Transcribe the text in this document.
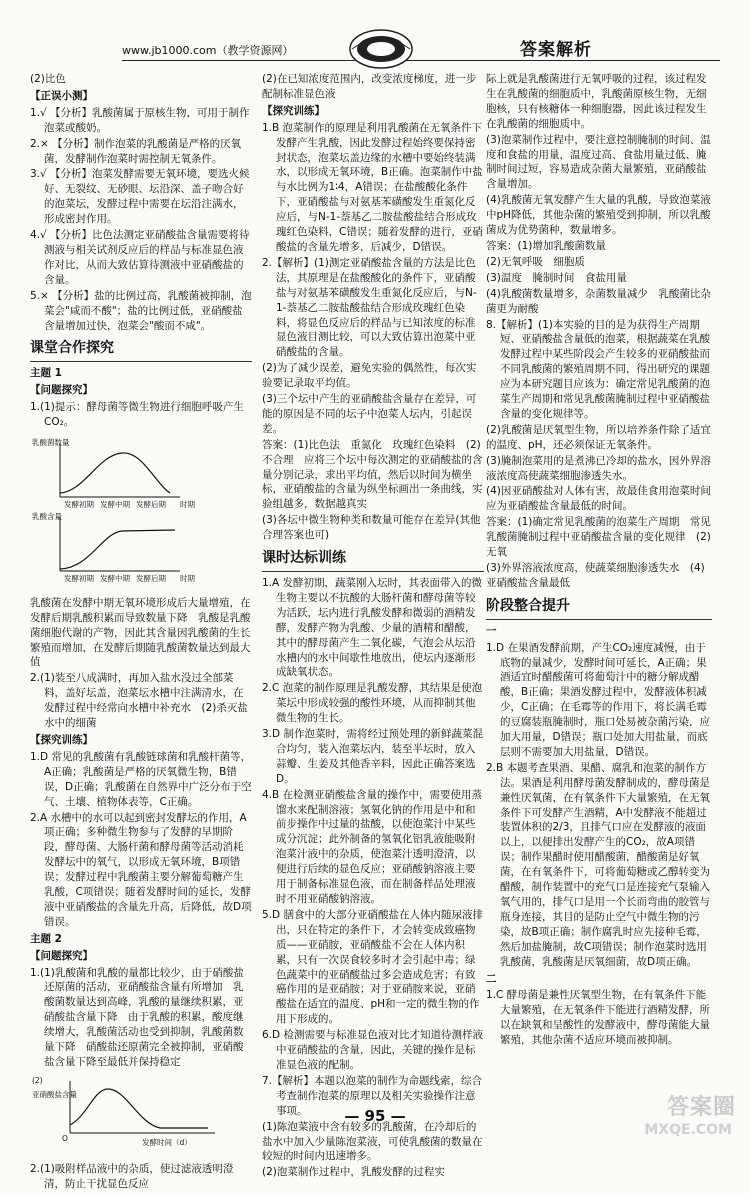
www.jb1000.com（教学资源网）	答案解析
(2)比色
【正误小测】
1.√ 【分析】乳酸菌属于原核生物，可用于制作泡菜或酸奶。
2.× 【分析】制作泡菜的乳酸菌是严格的厌氧菌，发酵制作泡菜时需控制无氧条件。
3.√ 【分析】泡菜发酵需要无氧环境，要选火候好、无裂纹、无砂眼、坛沿深、盖子吻合好的泡菜坛，发酵过程中需要在坛沿注满水，形成密封作用。
4.√ 【分析】比色法测定亚硝酸盐含量需要将待测液与相关试剂反应后的样品与标准显色液作对比，从而大致估算待测液中亚硝酸盐的含量。
5.× 【分析】盐的比例过高，乳酸菌被抑制，泡菜会"咸而不酸"；盐的比例过低，亚硝酸盐含量增加过快，泡菜会"酸而不咸"。
课堂合作探究
主题 1
【问题探究】
1.(1)提示：酵母菌等微生物进行细胞呼吸产生CO₂。
乳酸菌数量
发酵初期 发酵中期 发酵后期 时期
乳酸含量
发酵初期 发酵中期 发酵后期 时期
乳酸菌在发酵中期无氧环境形成后大量增殖，在发酵后期乳酸积累而导致数量下降　乳酸是乳酸菌细胞代谢的产物，因此其含量因乳酸菌的生长繁殖而增加，在发酵后期随乳酸菌数量达到最大值
2.(1)装至八成满时，再加入盐水没过全部菜料，盖好坛盖，泡菜坛水槽中注满清水，在发酵过程中经常向水槽中补充水　(2)杀灭盐水中的细菌
【探究训练】
1.D 常见的乳酸菌有乳酸链球菌和乳酸杆菌等，A正确；乳酸菌是严格的厌氧微生物，B错误，D正确；乳酸菌在自然界中广泛分布于空气、土壤、植物体表等，C正确。
2.A 水槽中的水可以起到密封发酵坛的作用，A项正确；多种微生物参与了发酵的早期阶段，酵母菌、大肠杆菌和酵母菌等活动消耗发酵坛中的氧气，以形成无氧环境，B项错误；发酵过程中乳酸菌主要分解葡萄糖产生乳酸，C项错误；随着发酵时间的延长，发酵液中亚硝酸盐的含量先升高，后降低，故D项错误。
主题 2
【问题探究】
1.(1)乳酸菌和乳酸的量都比较少，由于硝酸盐还原菌的活动，亚硝酸盐含量有所增加　乳酸菌数量达到高峰，乳酸的量继续积累，亚硝酸盐含量下降　由于乳酸的积累，酸度继续增大，乳酸菌活动也受到抑制，乳酸菌数量下降　硝酸盐还原菌完全被抑制，亚硝酸盐含量下降至最低并保持稳定
(2)
亚硝酸盐含量
O	发酵时间（d）
2.(1)吸附样品液中的杂质，使过滤液透明澄清，防止干扰显色反应
(2)在已知浓度范围内，改变浓度梯度，进一步配制标准显色液
【探究训练】
1.B 泡菜制作的原理是利用乳酸菌在无氧条件下发酵产生乳酸，因此发酵过程始终要保持密封状态，泡菜坛盖边缘的水槽中要始终装满水，以形成无氧环境，B正确。泡菜制作中盐与水比例为1∶4，A错误；在盐酸酸化条件下，亚硝酸盐与对氨基苯磺酸发生重氮化反应后，与N-1-萘基乙二胺盐酸盐结合形成玫瑰红色染料，C错误；随着发酵的进行，亚硝酸盐的含量先增多，后减少，D错误。
2.【解析】(1)测定亚硝酸盐含量的方法是比色法，其原理是在盐酸酸化的条件下，亚硝酸盐与对氨基苯磺酸发生重氮化反应后，与N-1-萘基乙二胺盐酸盐结合形成玫瑰红色染料，将显色反应后的样品与已知浓度的标准显色液目测比较，可以大致估算出泡菜中亚硝酸盐的含量。
(2)为了减少误差，避免实验的偶然性，每次实验要记录取平均值。
(3)三个坛中产生的亚硝酸盐含量存在差异，可能的原因是不同的坛子中泡菜人坛内，引起误差。
答案：(1)比色法　重氮化　玫瑰红色染料　(2)不合理　应将三个坛中每次测定的亚硝酸盐的含量分别记录，求出平均值，然后以时间为横坐标，亚硝酸盐的含量为纵坐标画出一条曲线，实验组越多，数据越真实
(3)各坛中微生物种类和数量可能存在差异(其他合理答案也可)
课时达标训练
1.A 发酵初期，蔬菜刚入坛时，其表面带入的微生物主要以不抗酸的大肠杆菌和酵母菌等较为活跃，坛内进行乳酸发酵和微弱的酒精发酵，发酵产物为乳酸、少量的酒精和醋酸，其中的酵母菌产生二氧化碳，气泡会从坛沿水槽内的水中间歇性地放出，使坛内逐渐形成缺氧状态。
2.C 泡菜的制作原理是乳酸发酵，其结果是使泡菜坛中形成较强的酸性环境，从而抑制其他微生物的生长。
3.D 制作泡菜时，需将经过预处理的新鲜蔬菜混合均匀，装入泡菜坛内，装至半坛时，放入蒜瓣、生姜及其他香辛料，因此正确答案选D。
4.B 在检测亚硝酸盐含量的操作中，需要使用蒸馏水来配制溶液；氢氧化钠的作用是中和和前步操作中过量的盐酸，以使泡菜汁中某些成分沉淀；此外制备的氢氧化铝乳液能吸附泡菜汁液中的杂质，使泡菜汁透明澄清，以便进行后续的显色反应；亚硝酸钠溶液主要用于制备标准显色液，而在制备样品处理液时不用亚硝酸钠溶液。
5.D 膳食中的大部分亚硝酸盐在人体内随尿液排出，只在特定的条件下，才会转变成致癌物质——亚硝胺，亚硝酸盐不会在人体内积累，只有一次误食较多时才会引起中毒；绿色蔬菜中的亚硝酸盐过多会造成危害；有致癌作用的是亚硝胺；对于亚硝胺来说，亚硝酸盐在适宜的温度、pH和一定的微生物的作用下形成的。
6.D 检测需要与标准显色液对比才知道待测样液中亚硝酸盐的含量，因此，关键的操作是标准显色液的配制。
7.【解析】本题以泡菜的制作为命题线索，综合考查制作泡菜的原理以及相关实验操作注意事项。
(1)陈泡菜液中含有较多的乳酸菌，在冷却后的盐水中加入少量陈泡菜液，可使乳酸菌的数量在较短的时间内迅速增多。
(2)泡菜制作过程中，乳酸发酵的过程实
际上就是乳酸菌进行无氧呼吸的过程，该过程发生在乳酸菌的细胞质中，乳酸菌原核生物，无细胞核，只有核糖体一种细胞器，因此该过程发生在乳酸菌的细胞质中。
(3)泡菜制作过程中，要注意控制腌制的时间、温度和食盐的用量，温度过高、食盐用量过低、腌制时间过短，容易造成杂菌大量繁殖，亚硝酸盐含量增加。
(4)乳酸菌无氧发酵产生大量的乳酸，导致泡菜液中pH降低，其他杂菌的繁殖受到抑制，所以乳酸菌成为优势菌种，数量增多。
答案：(1)增加乳酸菌数量
(2)无氧呼吸　细胞质
(3)温度　腌制时间　食盐用量
(4)乳酸菌数量增多，杂菌数量减少　乳酸菌比杂菌更为耐酸
8.【解析】(1)本实验的目的是为获得生产周期短、亚硝酸盐含量低的泡菜，根据蔬菜在乳酸发酵过程中某些阶段会产生较多的亚硝酸盐而不同乳酸菌的繁殖周期不同，得出研究的课题应为本研究题目应该为：确定常见乳酸菌的泡菜生产周期和常见乳酸菌腌制过程中亚硝酸盐含量的变化规律等。
(2)乳酸菌是厌氧型生物，所以培养条件除了适宜的温度、pH，还必须保证无氧条件。
(3)腌制泡菜用的是煮沸已冷却的盐水，因外界溶液浓度高使蔬菜细胞渗透失水。
(4)因亚硝酸盐对人体有害，故最佳食用泡菜时间应为亚硝酸盐含量最低的时间。
答案：(1)确定常见乳酸菌的泡菜生产周期　常见乳酸菌腌制过程中亚硝酸盐含量的变化规律　(2)无氧
(3)外界溶液浓度高，使蔬菜细胞渗透失水　(4)亚硝酸盐含量最低
阶段整合提升
一
1.D 在果酒发酵前期，产生CO₂速度减慢，由于底物的量减少，发酵时间可延长，A正确；果酒适宜时醋酸菌可将葡萄汁中的糖分解成醋酸，B正确；果酒发酵过程中，发酵液体积减少，C正确；在毛霉等的作用下，将长满毛霉的豆腐装瓶腌制时，瓶口处易被杂菌污染，应加大用量，D错误；瓶口处加大用盐量，而底层则不需要加大用盐量，D错误。
2.B 本题考查果酒、果醋、腐乳和泡菜的制作方法。果酒是利用酵母菌发酵制成的，酵母菌是兼性厌氧菌，在有氧条件下大量繁殖，在无氧条件下可发酵产生酒精，A中发酵液不能超过装置体积的2/3，且排气口应在发酵液的液面以上，以便排出发酵产生的CO₂，故A项错误；制作果醋时使用醋酸菌，醋酸菌是好氧菌，在有氧条件下，可将葡萄糖或乙醇转变为醋酸，制作装置中的充气口是连接充气泵输入氧气用的，排气口是用一个长而弯曲的胶管与瓶身连接，其目的是防止空气中微生物的污染，故B项正确；制作腐乳时应先接种毛霉，然后加盐腌制，故C项错误；制作泡菜时选用乳酸菌，乳酸菌是厌氧细菌，故D项正确。
二
1.C 酵母菌是兼性厌氧型生物，在有氧条件下能大量繁殖，在无氧条件下能进行酒精发酵，所以在缺氧和呈酸性的发酵液中，酵母菌能大量繁殖，其他杂菌不适应环境而被抑制。
— 95 —	答案圈
MXQE.COM
